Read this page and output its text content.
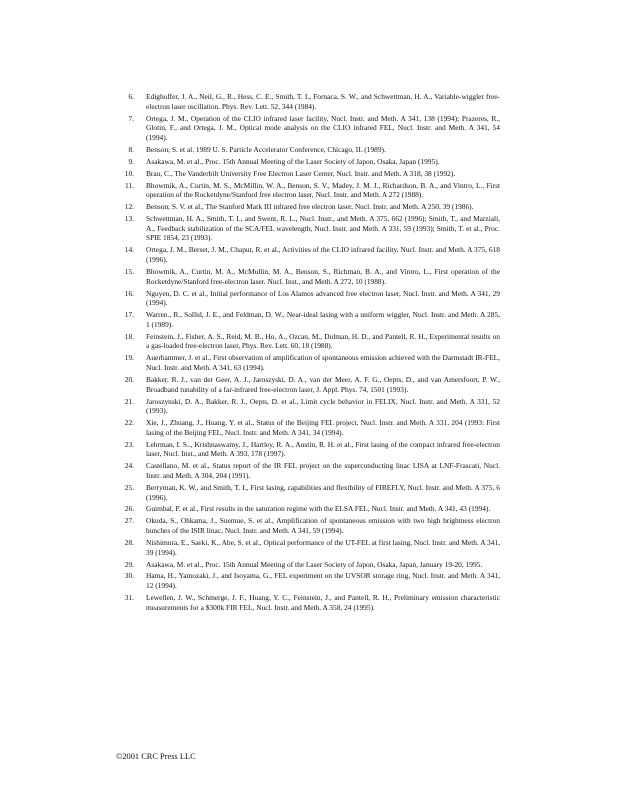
6. Edighoffer, J. A., Neil, G., R., Hess, C. E., Smith, T. I., Fornaca, S. W., and Schwettman, H. A., Variable-wiggler free-electron laser oscillation. Phys. Rev. Lett. 52, 344 (1984).
7. Ortega, J. M., Operation of the CLIO infrared laser facility, Nucl. Instr. and Meth. A 341, 138 (1994); Prazeres, R., Glotin, F., and Ortega, J. M., Optical mode analysis on the CLIO infrared FEL, Nucl. Instr. and Meth. A 341, 54 (1994).
8. Benson, S. et al. 1989 U. S. Particle Accelerator Conference, Chicago, IL (1989).
9. Asakawa, M. et al., Proc. 15th Annual Meeting of the Laser Society of Japon, Osaka, Japan (1995).
10. Brau, C., The Vanderbilt University Free Electron Laser Center, Nucl. Instr. and Meth. A 318, 38 (1992).
11. Bhowmik, A., Curtin, M. S., McMillin, W. A., Benson, S. V., Madey, J. M. J., Richardson, B. A., and Vintro, L., First operation of the Rocketdyne/Stanford free electron laser, Nucl. Instr. and Meth. A 272 (1988).
12. Benson, S. V. et al., The Stanford Mark III infrared free electron laser, Nucl. Instr. and Meth. A 250, 39 (1986).
13. Schwettman, H. A., Smith, T. I., and Swent, R. L., Nucl. Instr., and Meth. A 375, 662 (1996); Smith, T., and Marziali, A., Feedback stabilization of the SCA/FEL wavelength, Nucl. Instr. and Meth. A 331, 59 (1993); Smith, T. et al., Proc. SPIE 1854, 23 (1993).
14. Ortega, J. M., Berset, J. M., Chaput, R. et al., Activities of the CLIO infrared facility, Nucl. Instr. and Meth. A 375, 618 (1996).
15. Bhowmik, A., Curtin, M. A., McMullin, M. A., Benson, S., Richman, B. A., and Vintro, L., First operation of the Rocketdyne/Stanford free-electron laser. Nucl. Inst., and Meth. A 272, 10 (1988).
16. Nguyen, D. C. et al., Initial performance of Los Alamos advanced free electron laser, Nucl. Instr. and Meth. A 341, 29 (1994).
17. Warren., R., Sollid, J. E., and Feldman, D. W., Near-ideal lasing with a uniform wiggler, Nucl. Instr. and Meth. A 285, 1 (1989).
18. Feinstein, J., Fisher, A. S., Reid, M. B., Ho, A., Ozcan, M., Dulman, H. D., and Pantell, R. H., Experimental results on a gas-loaded free-electron laser, Phys. Rev. Lett. 60, 18 (1988).
19. Auerhammer, J. et al., First observation of amplification of spontaneous emission achieved with the Darmstadt IR-FEL, Nucl. Instr. and Meth. A 341, 63 (1994).
20. Bakker, R. J., van der Geer, A. J., Jaroszyski, D. A., van der Meer, A. F. G., Oepts, D., and van Amersfoort, P. W., Broadband tunability of a far-infrared free-electron laser, J. Appl. Phys. 74, 1501 (1993).
21. Jaroszynski, D. A., Bakker, R. J., Oepts, D. et al., Limit cycle behavior in FELIX, Nucl. Instr. and Meth. A 331, 52 (1993).
22. Xie, J., Zhuang, J., Huang, Y. et al., Status of the Beijing FEL project, Nucl. Instr. and Meth. A 331, 204 (1993: First lasing of the Beijing FEL, Nucl. Instr. and Meth. A 341, 34 (1994).
23. Lehrman, I. S.., Krishnaswamy, J., Hartley, R. A., Austin, R. H. et al., First lasing of the compact infrared free-electron laser, Nucl. Inst., and Meth. A 393, 178 (1997).
24. Castellano, M. et al., Status report of the IR FEL project on the superconducting linac LISA at LNF-Frascati, Nucl. Instr. and Meth. A 304, 204 (1991).
25. Berryman, K. W., and Smith, T. I., First lasing, capabilities and flexibility of FIREFLY, Nucl. Instr. and Meth. A 375, 6 (1996).
26. Guimbal, P. et al., First results in the saturation regime with the ELSA FEL, Nucl. Instr. and Meth. A 341, 43 (1994).
27. Okuda, S., Ohkama, J., Suemue, S. et al., Amplification of spontaneous emission with two high brightness electron bunches of the ISIR linac, Nucl. Instr. and Meth. A 341, 59 (1994).
28. Nishimura, E., Saeki, K., Abe, S. et al., Optical performance of the UT-FEL at first lasing, Nucl. Instr. and Meth. A 341, 39 (1994).
29. Asakawa, M. et al., Proc. 15th Annual Meeting of the Laser Society of Japon, Osaka, Japan, January 19-20, 1995.
30. Hama, H., Yamozaki, J., and Isoyama, G., FEL experiment on the UVSOR storage ring, Nucl. Instr. and Meth. A 341, 12 (1994).
31. Lewellen, J. W., Schmerge, J. F., Huang, Y. C., Feinstein, J., and Pantell, R. H., Preliminary emission characteristic measurements for a $300k FIR FEL, Nucl. Instr. and Meth. A 358, 24 (1995).
©2001 CRC Press LLC
